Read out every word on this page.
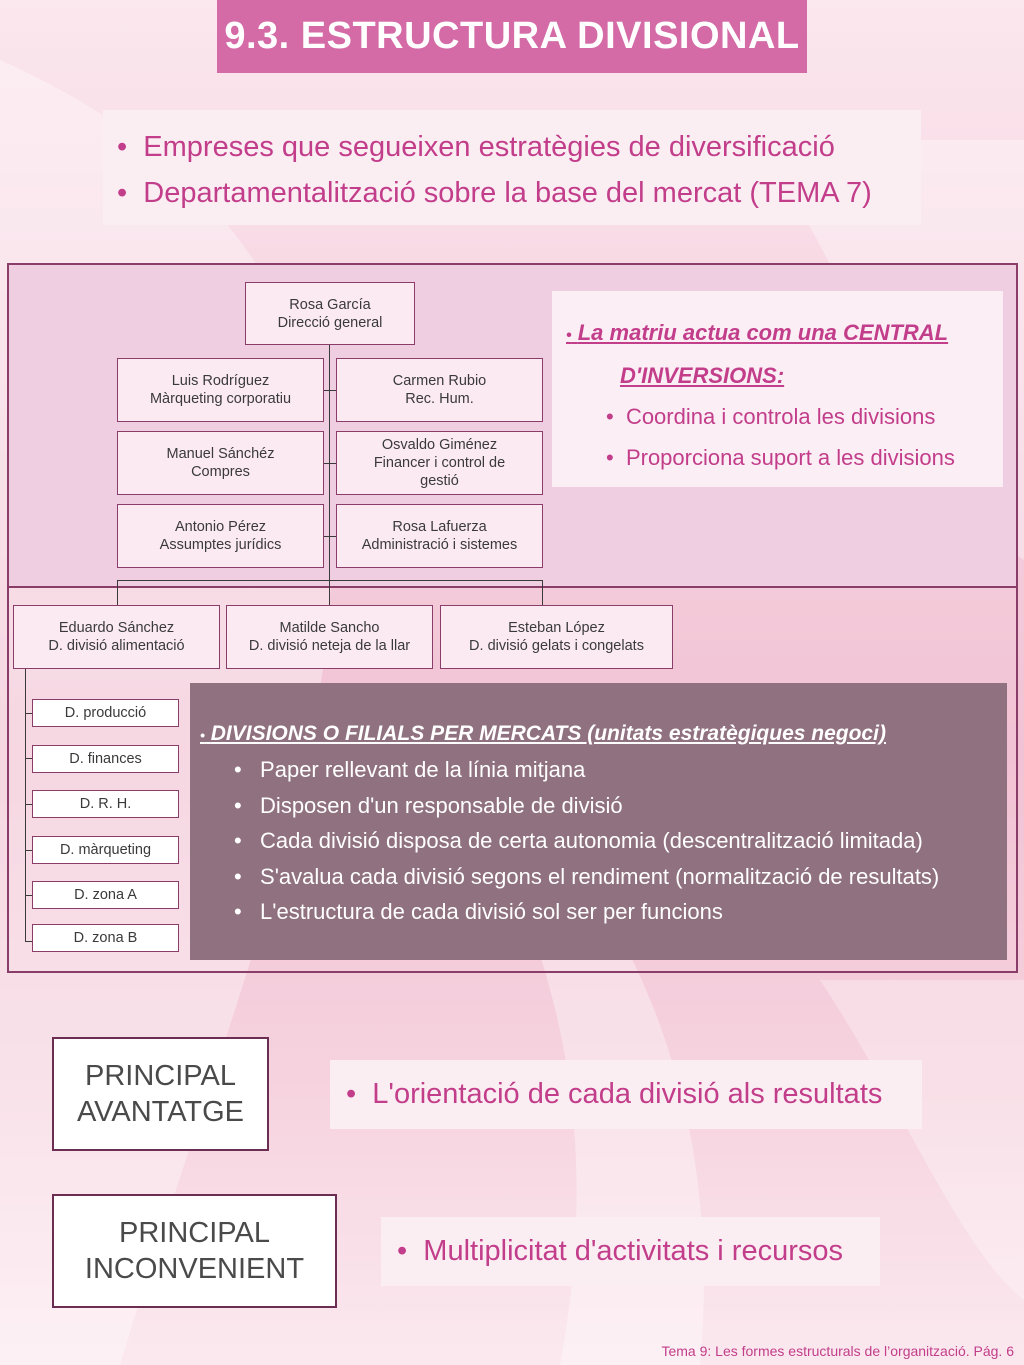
9.3. ESTRUCTURA DIVISIONAL
• Empreses que segueixen estratègies de diversificació
• Departamentalització sobre la base del mercat (TEMA 7)
Rosa García
Direcció general
Luis Rodríguez
Màrqueting corporatiu
Manuel Sánchéz
Compres
Antonio Pérez
Assumptes jurídics
Carmen Rubio
Rec. Hum.
Osvaldo Giménez
Financer i control de gestió
Rosa Lafuerza
Administració i sistemes
Eduardo Sánchez
D. divisió alimentació
Matilde Sancho
D. divisió neteja de la llar
Esteban López
D. divisió gelats i congelats
D. producció
D. finances
D. R. H.
D. màrqueting
D. zona A
D. zona B
• La matriu actua com una CENTRAL
D'INVERSIONS:
• Coordina i controla les divisions
• Proporciona suport a les divisions
• DIVISIONS O FILIALS PER MERCATS (unitats estratègiques negoci)
• Paper rellevant de la línia mitjana
• Disposen d'un responsable de divisió
• Cada divisió disposa de certa autonomia (descentralització limitada)
• S'avalua cada divisió segons el rendiment (normalització de resultats)
• L'estructura de cada divisió sol ser per funcions
PRINCIPAL
AVANTATGE
•
L'orientació de cada divisió als resultats
PRINCIPAL
INCONVENIENT
•
Multiplicitat d'activitats i recursos
Tema 9: Les formes estructurals de l’organització. Pág. 6
